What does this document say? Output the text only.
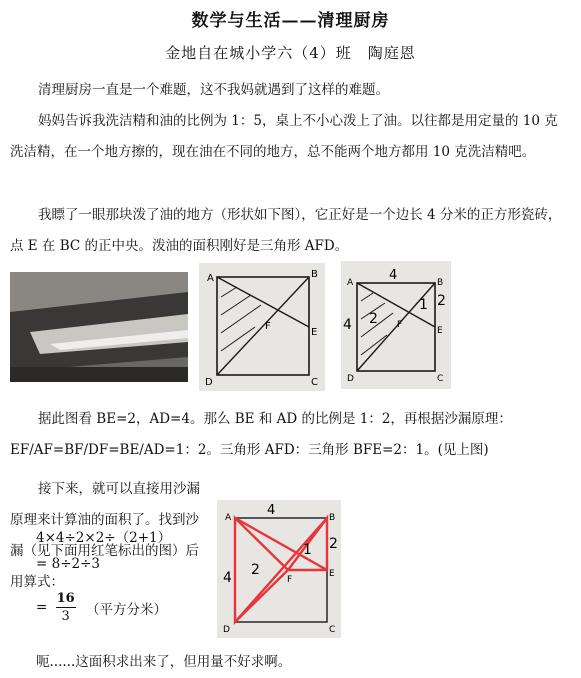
数学与生活——清理厨房
金地自在城小学六（4）班　陶庭恩
清理厨房一直是一个难题，这不我妈就遇到了这样的难题。
妈妈告诉我洗洁精和油的比例为 1：5，桌上不小心泼上了油。以往都是用定量的 10 克洗洁精，在一个地方擦的，现在油在不同的地方，总不能两个地方都用 10 克洗洁精吧。
我瞟了一眼那块泼了油的地方（形状如下图），它正好是一个边长 4 分米的正方形瓷砖，点 E 在 BC 的正中央。泼油的面积刚好是三角形 AFD。
A	B
C
D
E
F
A	B
C
D
E
F
4
4 2
1 2
据此图看 BE=2，AD=4。那么 BE 和 AD 的比例是 1：2，再根据沙漏原理：EF/AF=BF/DF=BE/AD=1：2。三角形 AFD：三角形 BFE=2：1。(见上图)
接下来，就可以直接用沙漏原理来计算油的面积了。找到沙漏（见下面用红笔标出的图）后用算式：
A	B
C
D
E
F
4
4 2
1 2
4×4÷2×2÷（2+1）
= 8÷2÷3
= $\frac{16}{3}$ （平方分米）
呃......这面积求出来了，但用量不好求啊。
